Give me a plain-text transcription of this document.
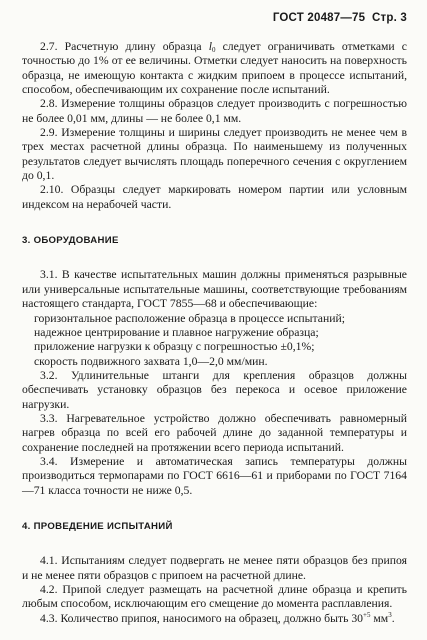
ГОСТ 20487—75 Стр. 3

2.7. Расчетную длину образца $l_0$ следует ограничивать отметками с точностью до 1% от ее величины. Отметки следует наносить на поверхность образца, не имеющую контакта с жидким припоем в процессе испытаний, способом, обеспечивающим их сохранение после испытаний.

2.8. Измерение толщины образцов следует производить с погрешностью не более 0,01 мм, длины — не более 0,1 мм.

2.9. Измерение толщины и ширины следует производить не менее чем в трех местах расчетной длины образца. По наименьшему из полученных результатов следует вычислять площадь поперечного сечения с округлением до 0,1.

2.10. Образцы следует маркировать номером партии или условным индексом на нерабочей части.

3. ОБОРУДОВАНИЕ

3.1. В качестве испытательных машин должны применяться разрывные или универсальные испытательные машины, соответствующие требованиям настоящего стандарта, ГОСТ 7855—68 и обеспечивающие:

горизонтальное расположение образца в процессе испытаний;

надежное центрирование и плавное нагружение образца;

приложение нагрузки к образцу с погрешностью ±0,1%;

скорость подвижного захвата 1,0—2,0 мм/мин.

3.2. Удлинительные штанги для крепления образцов должны обеспечивать установку образцов без перекоса и осевое приложение нагрузки.

3.3. Нагревательное устройство должно обеспечивать равномерный нагрев образца по всей его рабочей длине до заданной температуры и сохранение последней на протяжении всего периода испытаний.

3.4. Измерение и автоматическая запись температуры должны производиться термопарами по ГОСТ 6616—61 и приборами по ГОСТ 7164—71 класса точности не ниже 0,5.

4. ПРОВЕДЕНИЕ ИСПЫТАНИЙ

4.1. Испытаниям следует подвергать не менее пяти образцов без припоя и не менее пяти образцов с припоем на расчетной длине.

4.2. Припой следует размещать на расчетной длине образца и крепить любым способом, исключающим его смещение до момента расплавления.

4.3. Количество припоя, наносимого на образец, должно быть $30^{+5}$ $мм^3$.
